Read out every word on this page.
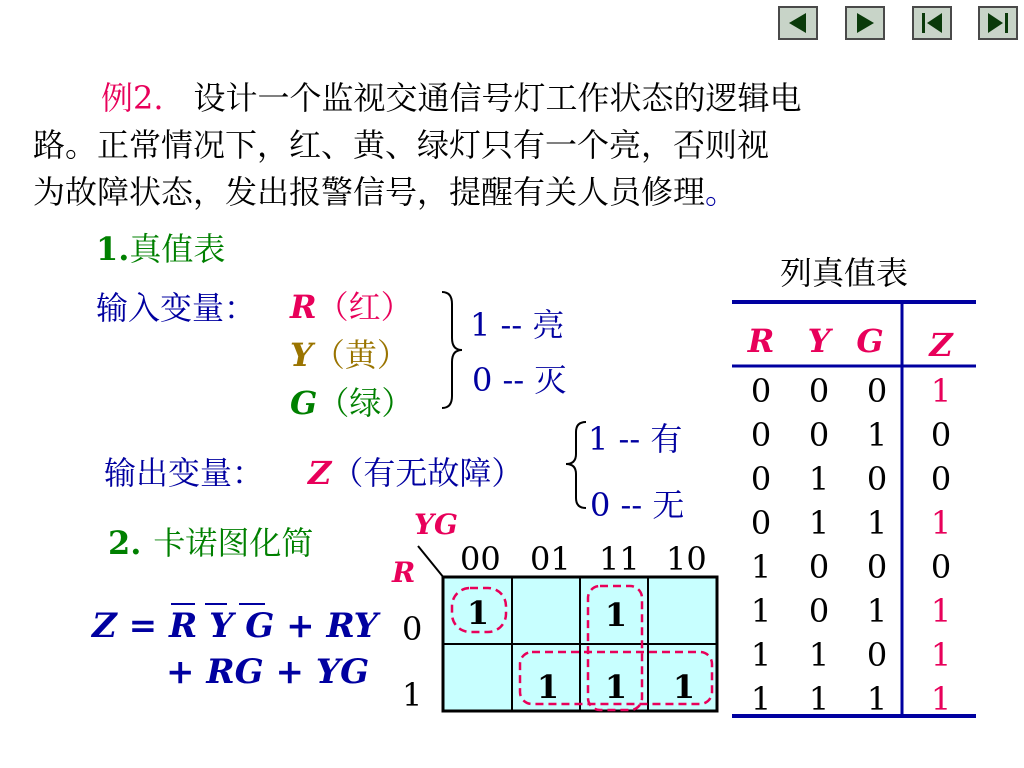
例2. 设计一个监视交通信号灯工作状态的逻辑电
路。正常情况下，红、黄、绿灯只有一个亮，否则视
为故障状态，发出报警信号，提醒有关人员修理。
1.真值表
输入变量： R（红）
Y（黄）
G（绿）
1 -- 亮
0 -- 灭
输出变量： Z（有无故障）
1 -- 有
0 -- 无
2. 卡诺图化简	YG
R 00 01 11 10
0
1
1	1
1 1 1
Z = R Y G + RY
+ RG + YG
列真值表
R Y G Z
0 0 0 1
0 0 1 0
0 1 0 0
0 1 1 1
1 0 0 0
1 0 1 1
1 1 0 1
1 1 1 1
